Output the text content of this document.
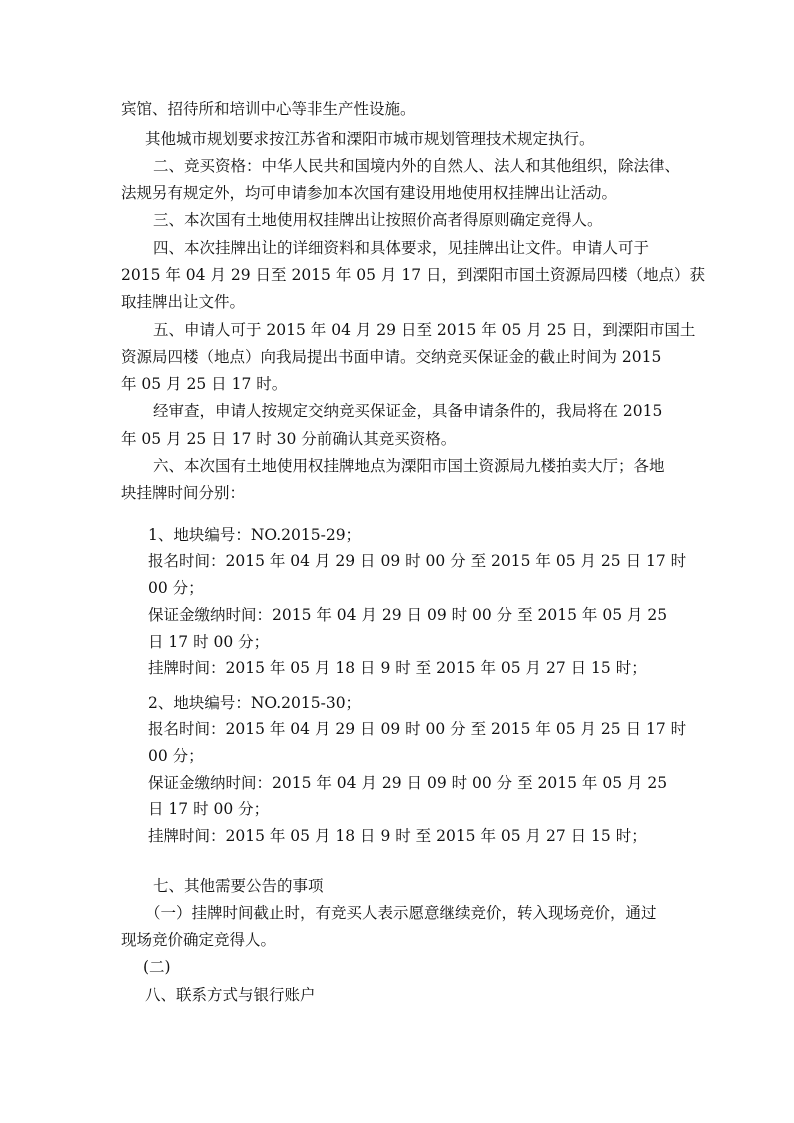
宾馆、招待所和培训中心等非生产性设施。
其他城市规划要求按江苏省和溧阳市城市规划管理技术规定执行。
二、竞买资格：中华人民共和国境内外的自然人、法人和其他组织，除法律、
法规另有规定外，均可申请参加本次国有建设用地使用权挂牌出让活动。
三、本次国有土地使用权挂牌出让按照价高者得原则确定竞得人。
四、本次挂牌出让的详细资料和具体要求，见挂牌出让文件。申请人可于
2015 年 04 月 29 日至 2015 年 05 月 17 日，到溧阳市国土资源局四楼（地点）获
取挂牌出让文件。
五、申请人可于 2015 年 04 月 29 日至 2015 年 05 月 25 日，到溧阳市国土
资源局四楼（地点）向我局提出书面申请。交纳竞买保证金的截止时间为 2015
年 05 月 25 日 17 时。
经审查，申请人按规定交纳竞买保证金，具备申请条件的，我局将在 2015
年 05 月 25 日 17 时 30 分前确认其竞买资格。
六、本次国有土地使用权挂牌地点为溧阳市国土资源局九楼拍卖大厅；各地
块挂牌时间分别：
1、地块编号：NO.2015-29；
报名时间：2015 年 04 月 29 日 09 时 00 分 至 2015 年 05 月 25 日 17 时
00 分；
保证金缴纳时间：2015 年 04 月 29 日 09 时 00 分 至 2015 年 05 月 25
日 17 时 00 分；
挂牌时间：2015 年 05 月 18 日 9 时 至 2015 年 05 月 27 日 15 时；
2、地块编号：NO.2015-30；
报名时间：2015 年 04 月 29 日 09 时 00 分 至 2015 年 05 月 25 日 17 时
00 分；
保证金缴纳时间：2015 年 04 月 29 日 09 时 00 分 至 2015 年 05 月 25
日 17 时 00 分；
挂牌时间：2015 年 05 月 18 日 9 时 至 2015 年 05 月 27 日 15 时；
七、其他需要公告的事项
（一）挂牌时间截止时，有竞买人表示愿意继续竞价，转入现场竞价，通过
现场竞价确定竞得人。
(二)
八、联系方式与银行账户
